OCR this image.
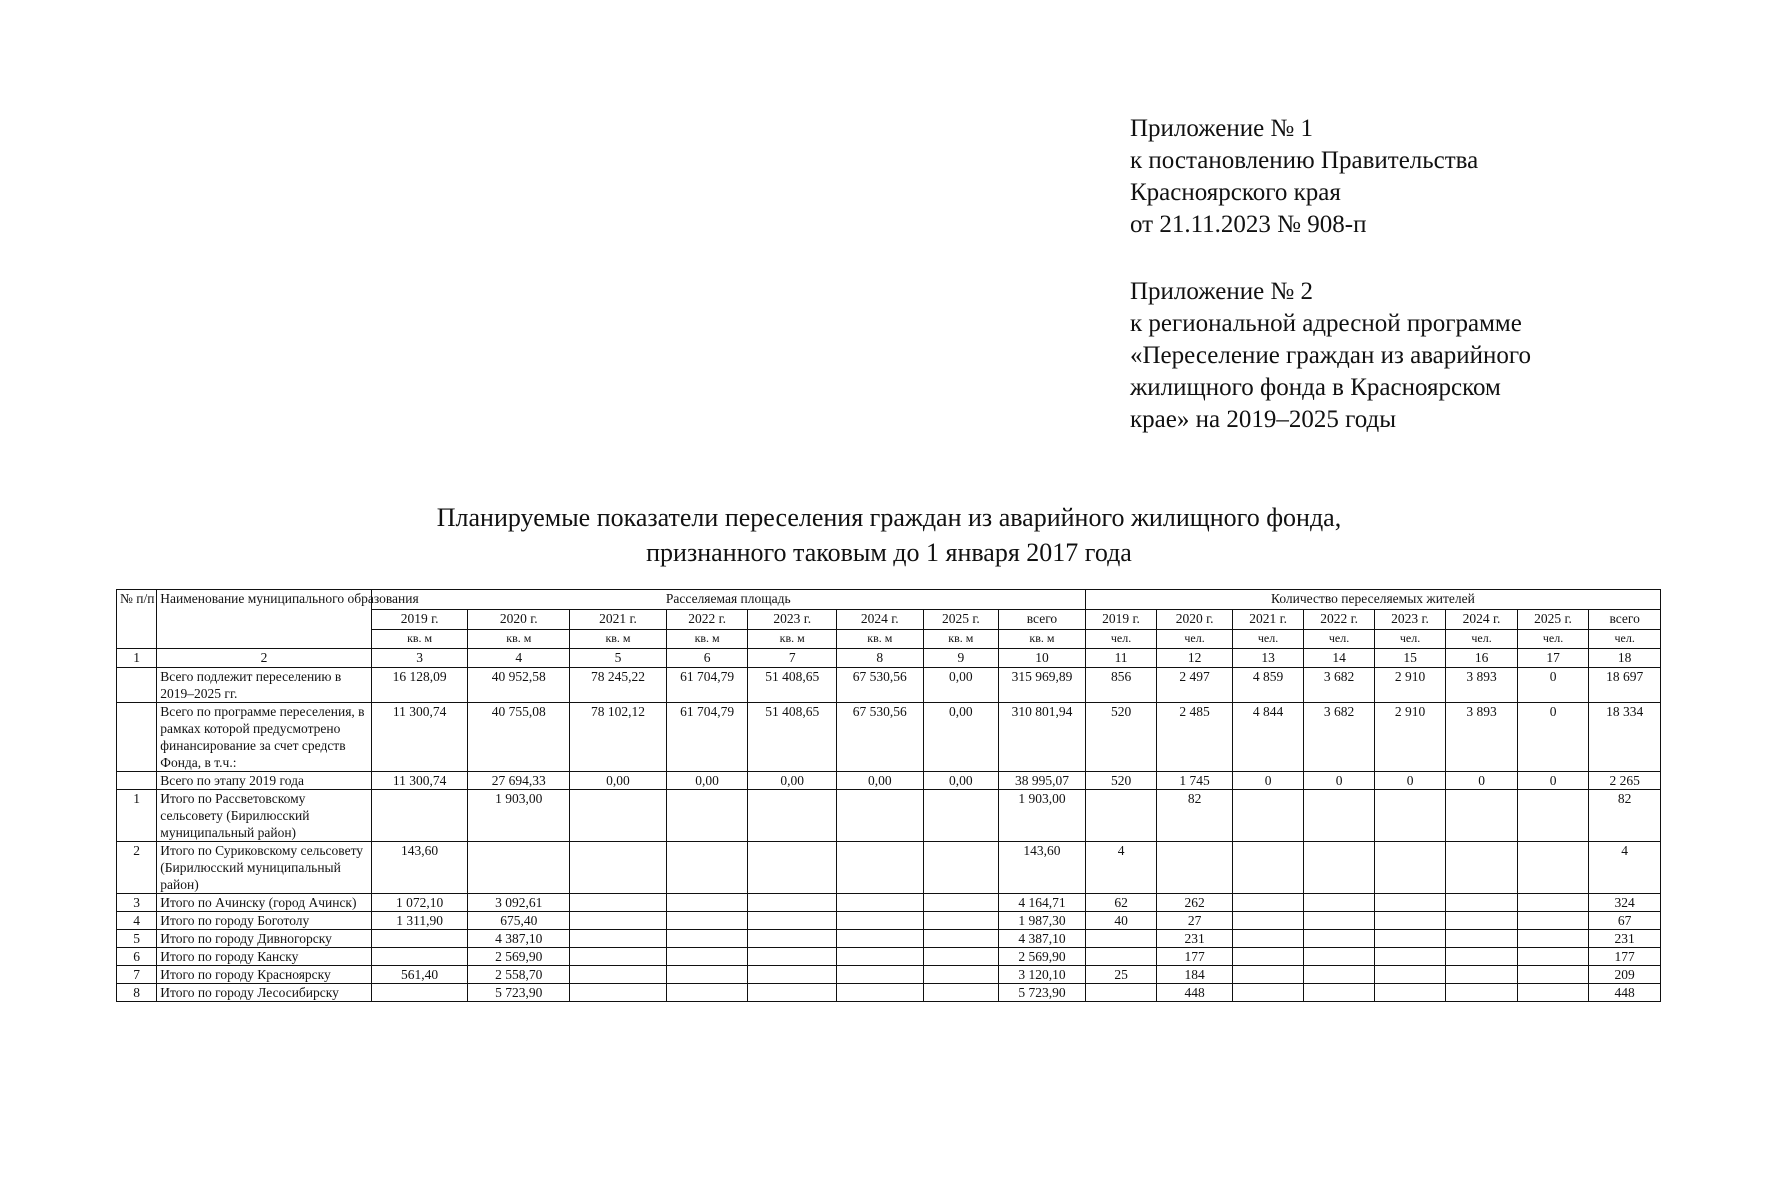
Приложение № 1
к постановлению Правительства
Красноярского края
от 21.11.2023 № 908-п
Приложение № 2
к региональной адресной программе
«Переселение граждан из аварийного
жилищного фонда в Красноярском
крае» на 2019–2025 годы
Планируемые показатели переселения граждан из аварийного жилищного фонда,
признанного таковым до 1 января 2017 года
№ п/п	Наименование муниципального образования	Расселяемая площадь								Количество переселяемых жителей							
		2019 г.	2020 г.	2021 г.	2022 г.	2023 г.	2024 г.	2025 г.	всего	2019 г.	2020 г.	2021 г.	2022 г.	2023 г.	2024 г.	2025 г.	всего
		кв. м	кв. м	кв. м	кв. м	кв. м	кв. м	кв. м	кв. м	чел.	чел.	чел.	чел.	чел.	чел.	чел.	чел.
1	2	3	4	5	6	7	8	9	10	11	12	13	14	15	16	17	18
	Всего подлежит переселению в 2019–2025 гг.	16 128,09	40 952,58	78 245,22	61 704,79	51 408,65	67 530,56	0,00	315 969,89	856	2 497	4 859	3 682	2 910	3 893	0	18 697
	Всего по программе переселения, в рамках которой предусмотрено финансирование за счет средств Фонда, в т.ч.:	11 300,74	40 755,08	78 102,12	61 704,79	51 408,65	67 530,56	0,00	310 801,94	520	2 485	4 844	3 682	2 910	3 893	0	18 334
	Всего по этапу 2019 года	11 300,74	27 694,33	0,00	0,00	0,00	0,00	0,00	38 995,07	520	1 745	0	0	0	0	0	2 265
1	Итого по Рассветовскому сельсовету (Бирилюсский муниципальный район)		1 903,00						1 903,00		82						82
2	Итого по Суриковскому сельсовету (Бирилюсский муниципальный район)	143,60							143,60	4							4
3	Итого по Ачинску (город Ачинск)	1 072,10	3 092,61						4 164,71	62	262						324
4	Итого по городу Боготолу	1 311,90	675,40						1 987,30	40	27						67
5	Итого по городу Дивногорску		4 387,10						4 387,10		231						231
6	Итого по городу Канску		2 569,90						2 569,90		177						177
7	Итого по городу Красноярску	561,40	2 558,70						3 120,10	25	184						209
8	Итого по городу Лесосибирску		5 723,90						5 723,90		448						448
